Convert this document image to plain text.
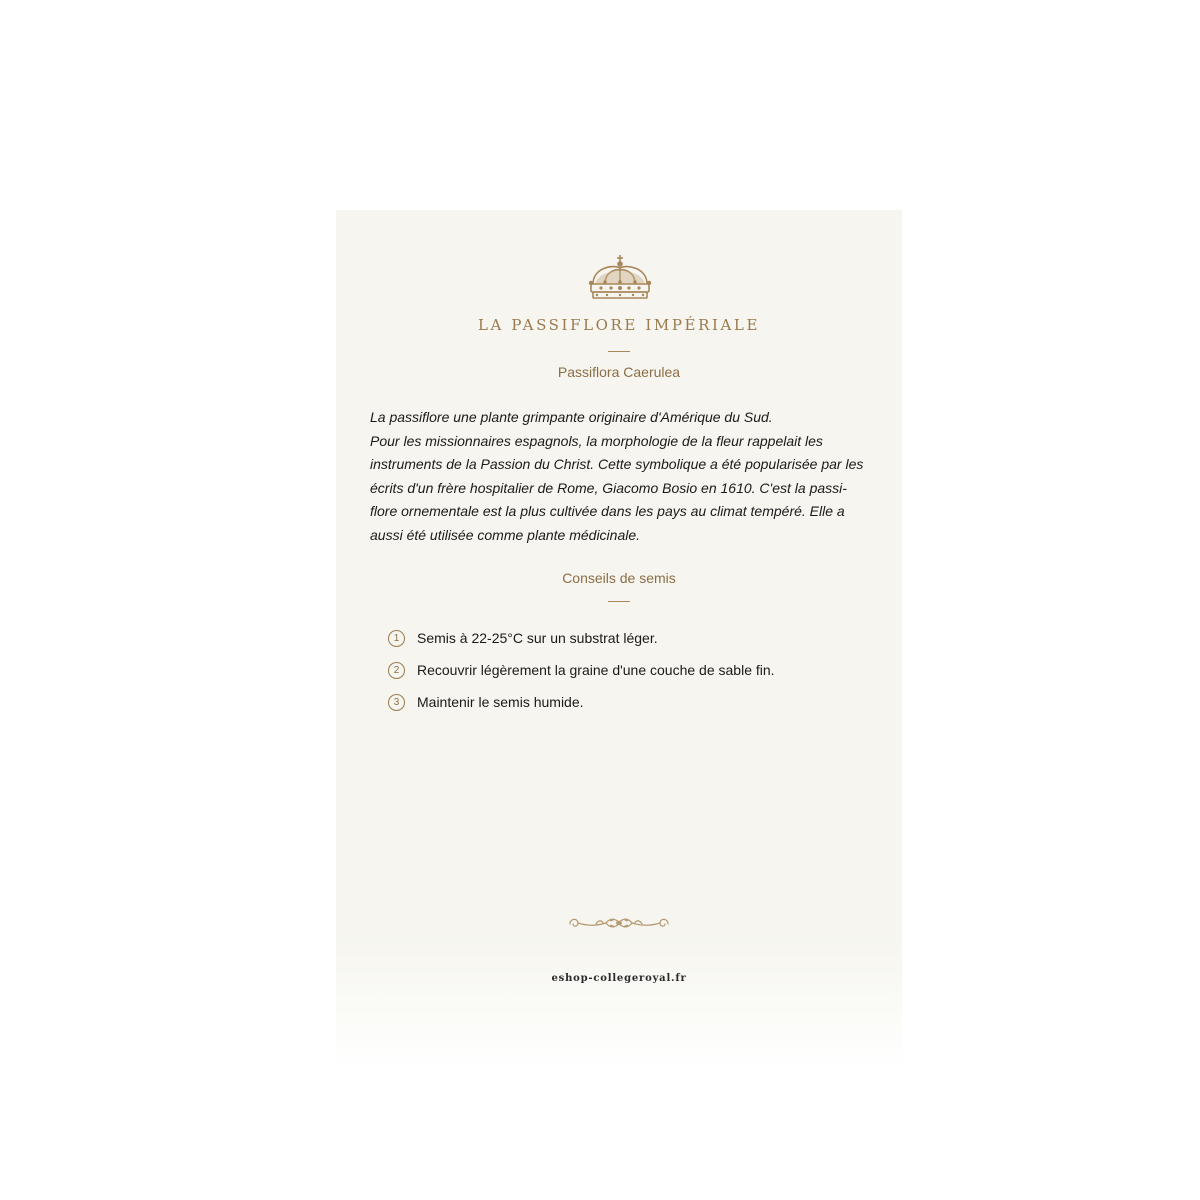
LA PASSIFLORE IMPÉRIALE
Passiflora Caerulea

La passiflore une plante grimpante originaire d'Amérique du Sud.
Pour les missionnaires espagnols, la morphologie de la fleur rappelait les
instruments de la Passion du Christ. Cette symbolique a été popularisée par les
écrits d'un frère hospitalier de Rome, Giacomo Bosio en 1610. C'est la passi-
flore ornementale est la plus cultivée dans les pays au climat tempéré. Elle a
aussi été utilisée comme plante médicinale.

Conseils de semis
1	Semis à 22-25°C sur un substrat léger.
2	Recouvrir légèrement la graine d'une couche de sable fin.
3	Maintenir le semis humide.
eshop-collegeroyal.fr
